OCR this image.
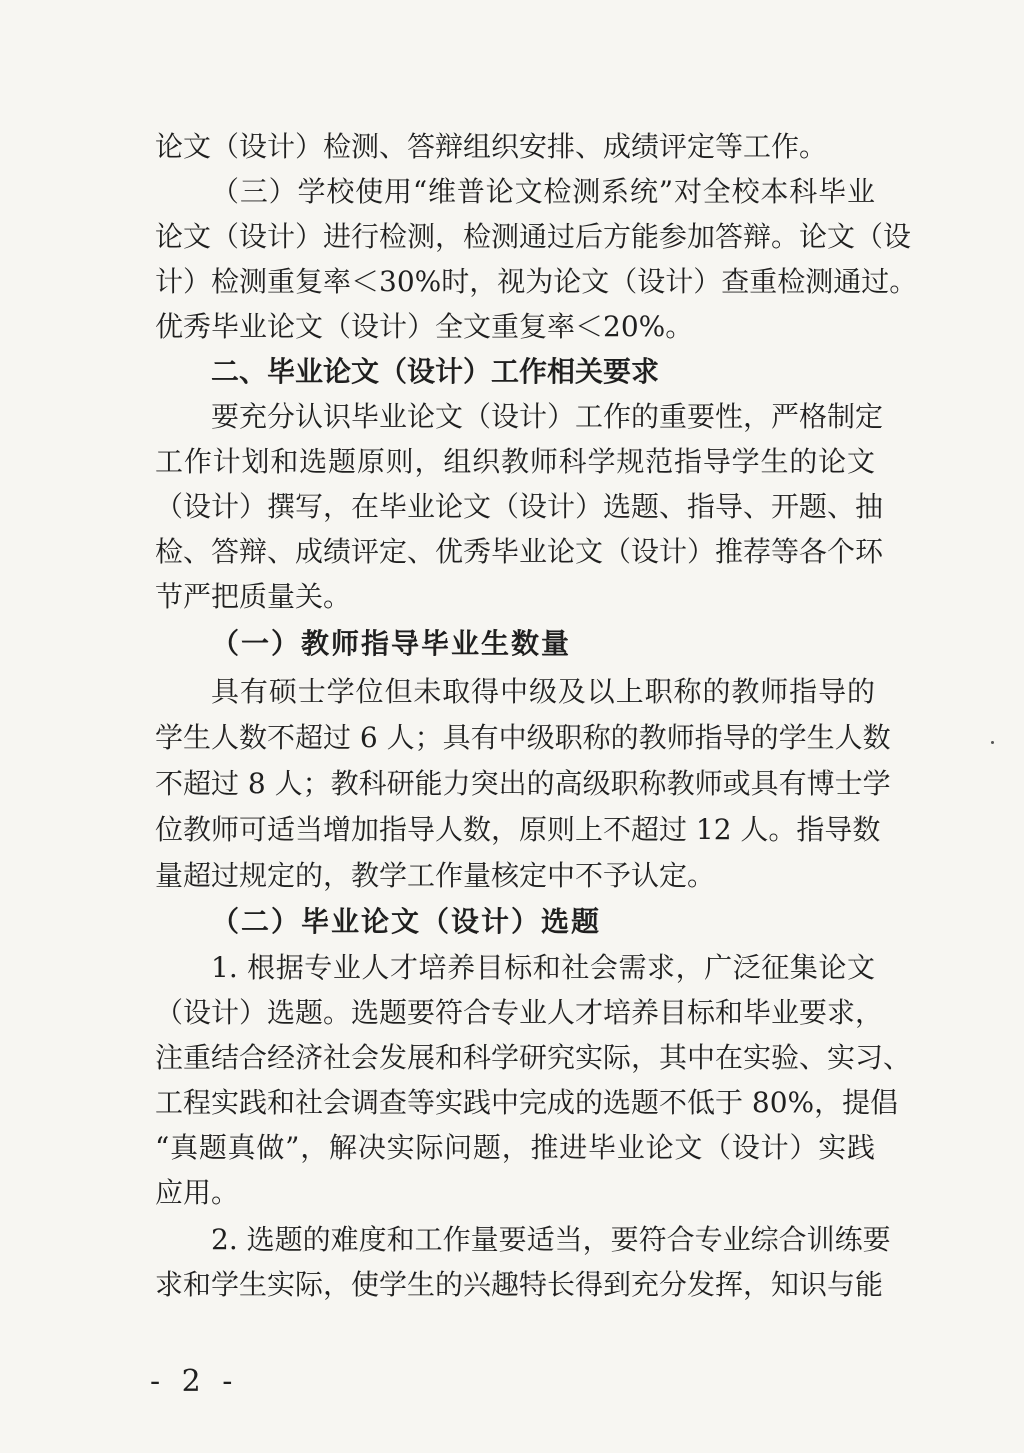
论文（设计）检测、答辩组织安排、成绩评定等工作。
（三）学校使用“维普论文检测系统”对全校本科毕业
论文（设计）进行检测，检测通过后方能参加答辩。论文（设
计）检测重复率＜30%时，视为论文（设计）查重检测通过。
优秀毕业论文（设计）全文重复率＜20%。
二、毕业论文（设计）工作相关要求
要充分认识毕业论文（设计）工作的重要性，严格制定
工作计划和选题原则，组织教师科学规范指导学生的论文
（设计）撰写，在毕业论文（设计）选题、指导、开题、抽
检、答辩、成绩评定、优秀毕业论文（设计）推荐等各个环
节严把质量关。
（一）教师指导毕业生数量
具有硕士学位但未取得中级及以上职称的教师指导的
学生人数不超过 6 人；具有中级职称的教师指导的学生人数
不超过 8 人；教科研能力突出的高级职称教师或具有博士学
位教师可适当增加指导人数，原则上不超过 12 人。指导数
量超过规定的，教学工作量核定中不予认定。
（二）毕业论文（设计）选题
1. 根据专业人才培养目标和社会需求，广泛征集论文
（设计）选题。选题要符合专业人才培养目标和毕业要求，
注重结合经济社会发展和科学研究实际，其中在实验、实习、
工程实践和社会调查等实践中完成的选题不低于 80%，提倡
“真题真做”，解决实际问题，推进毕业论文（设计）实践
应用。
2. 选题的难度和工作量要适当，要符合专业综合训练要
求和学生实际，使学生的兴趣特长得到充分发挥，知识与能
- 2 -
